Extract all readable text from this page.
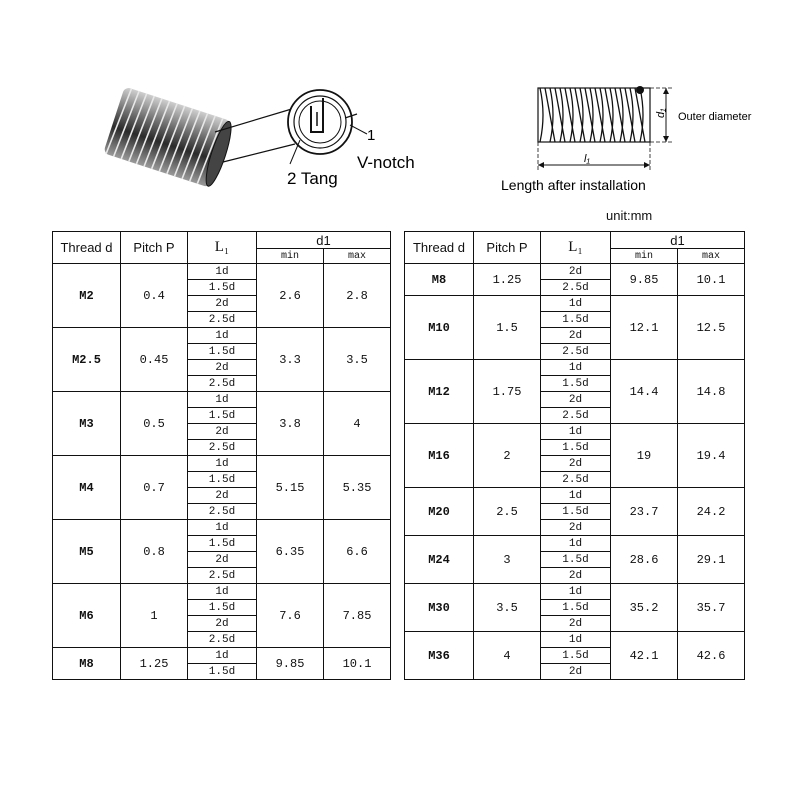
1
V-notch
2 Tang
d₁
l₁
Outer diameter
Length after installation
unit:mm
Thread d	Pitch P	L₁	d1	
			min	max
M2	0.4	1d	2.6	2.8
		1.5d		
		2d		
		2.5d		
M2.5	0.45	1d	3.3	3.5
		1.5d		
		2d		
		2.5d		
M3	0.5	1d	3.8	4
		1.5d		
		2d		
		2.5d		
M4	0.7	1d	5.15	5.35
		1.5d		
		2d		
		2.5d		
M5	0.8	1d	6.35	6.6
		1.5d		
		2d		
		2.5d		
M6	1	1d	7.6	7.85
		1.5d		
		2d		
		2.5d		
M8	1.25	1d	9.85	10.1
		1.5d		
Thread d	Pitch P	L₁	d1	
			min	max
M8	1.25	2d	9.85	10.1
		2.5d		
M10	1.5	1d	12.1	12.5
		1.5d		
		2d		
		2.5d		
M12	1.75	1d	14.4	14.8
		1.5d		
		2d		
		2.5d		
M16	2	1d	19	19.4
		1.5d		
		2d		
		2.5d		
M20	2.5	1d	23.7	24.2
		1.5d		
		2d		
M24	3	1d	28.6	29.1
		1.5d		
		2d		
M30	3.5	1d	35.2	35.7
		1.5d		
		2d		
M36	4	1d	42.1	42.6
		1.5d		
		2d		
